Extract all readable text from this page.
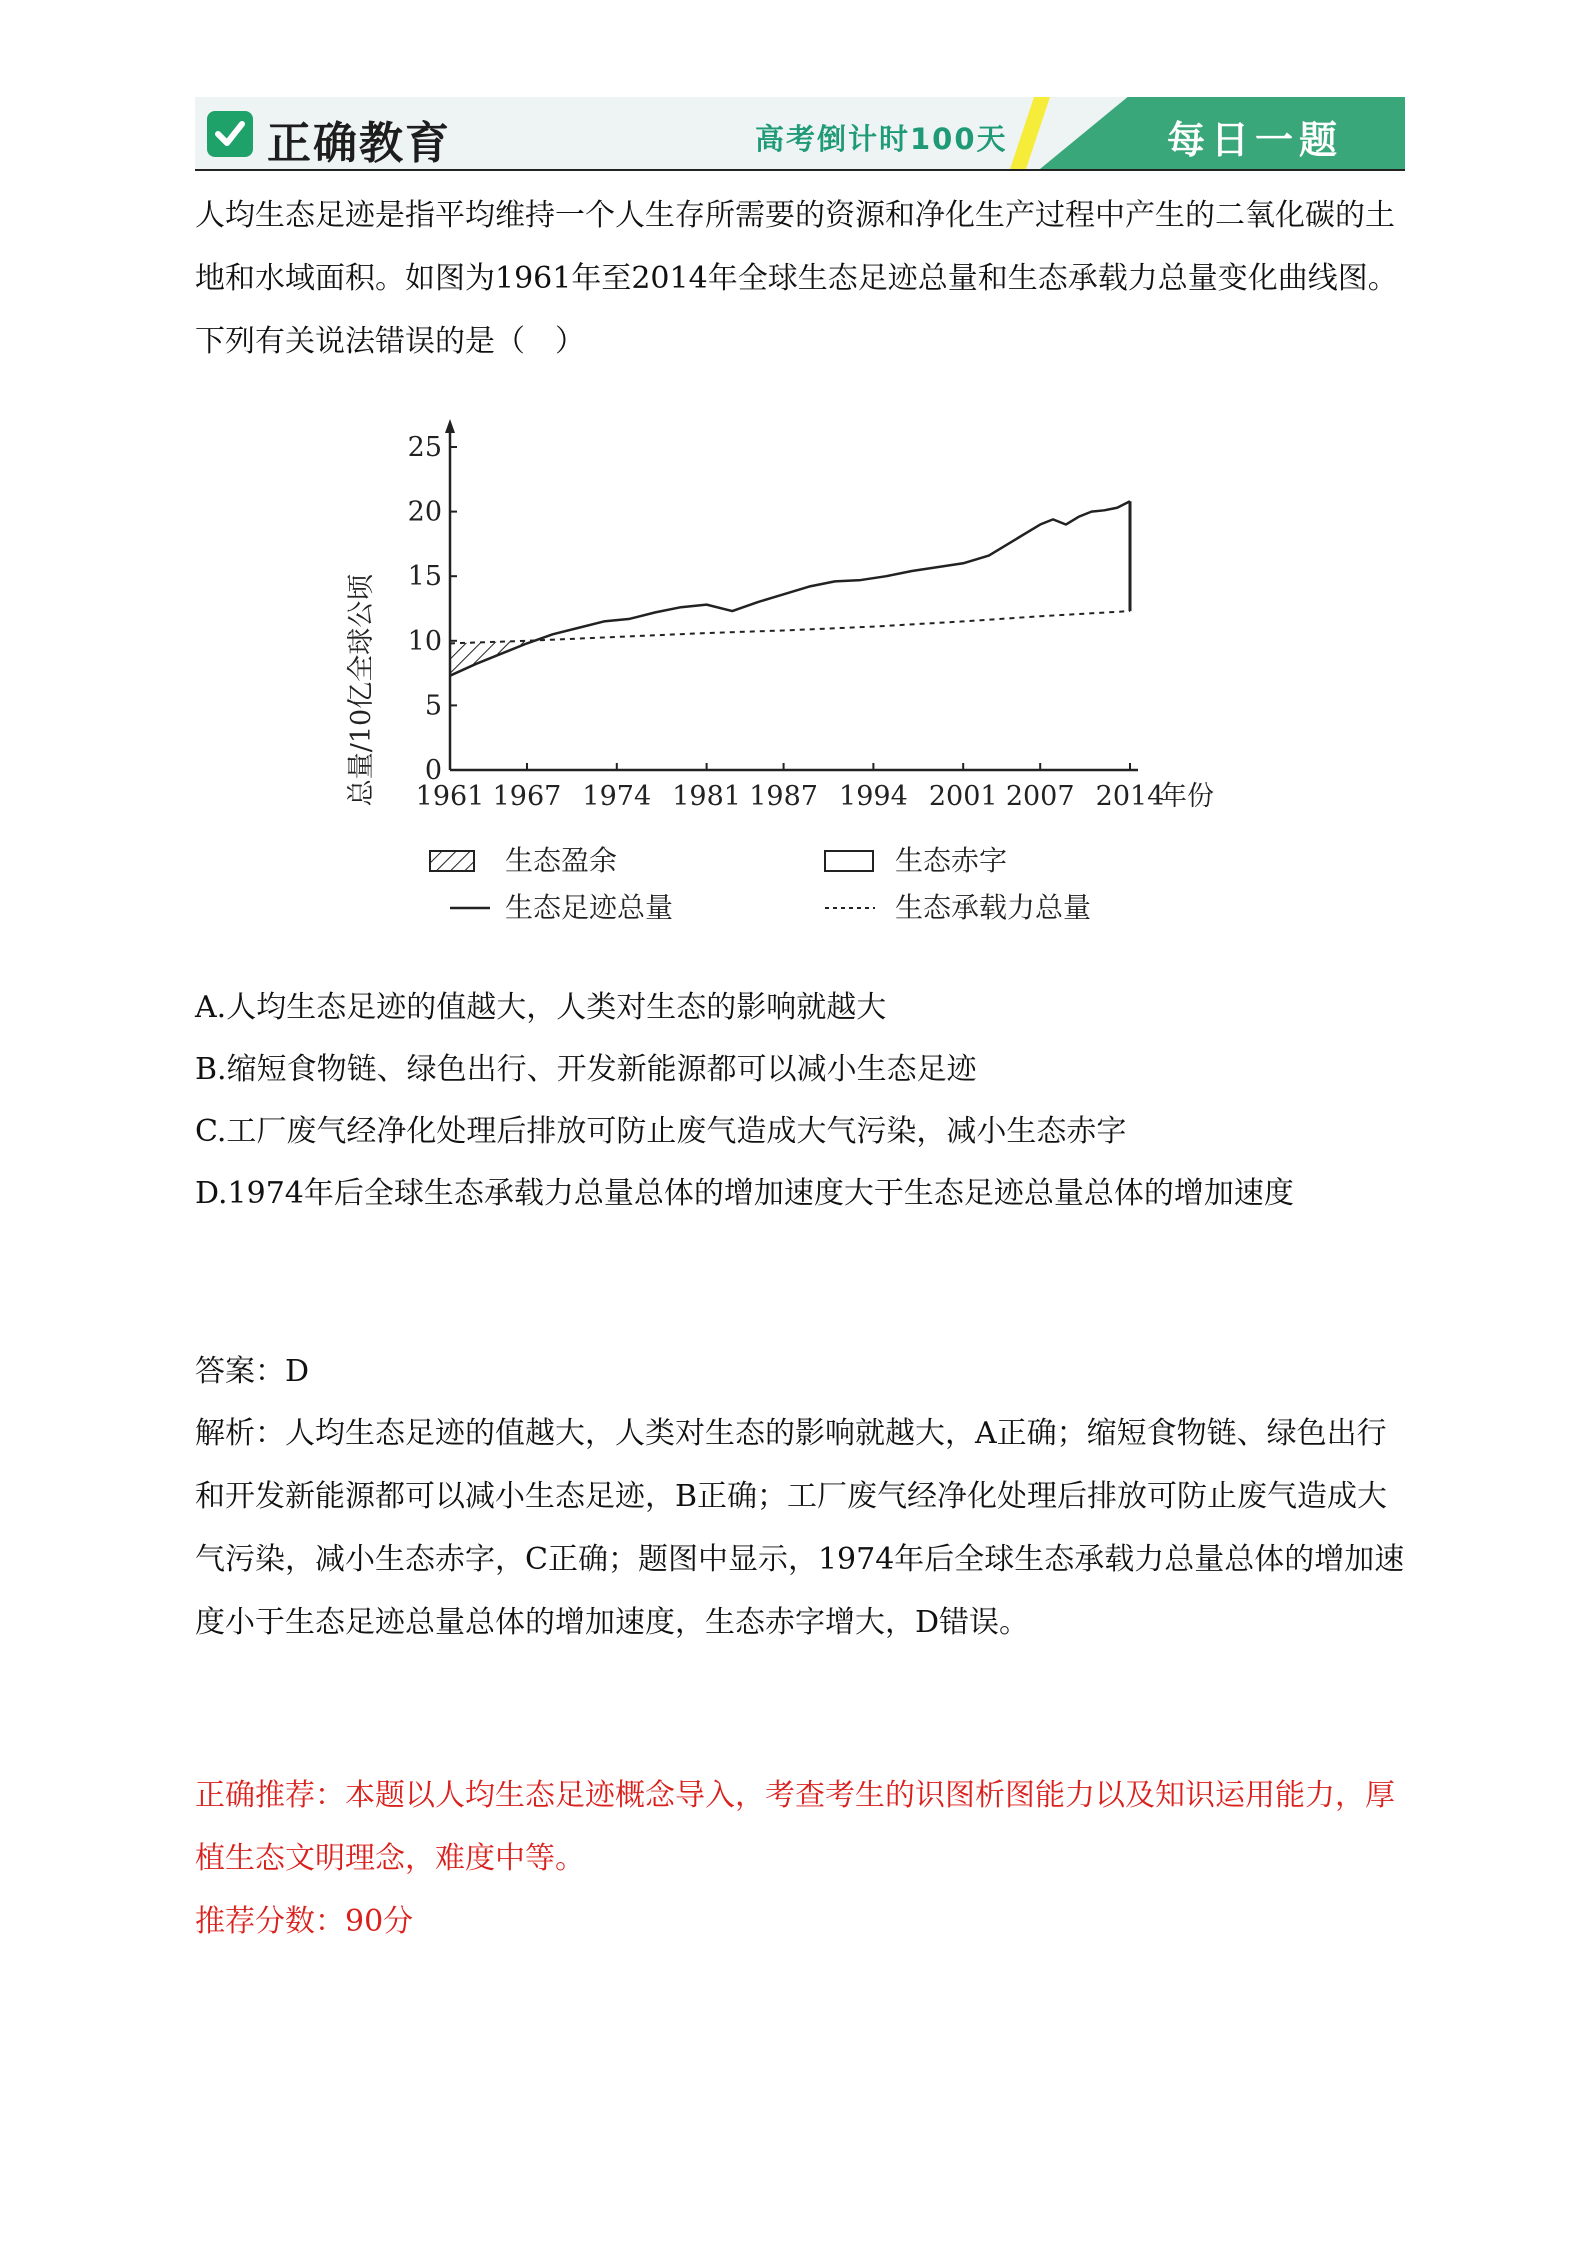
正确教育	高考倒计时100天	每日一题

人均生态足迹是指平均维持一个人生存所需要的资源和净化生产过程中产生的二氧化碳的土地和水域面积。如图为1961年至2014年全球生态足迹总量和生态承载力总量变化曲线图。下列有关说法错误的是（　）

0
5
10
15
20
25
1961 1967 1974 1981 1987 1994 2001 2007 2014
年份
总量/10亿全球公顷
生态盈余	生态赤字
生态足迹总量	生态承载力总量
A.人均生态足迹的值越大，人类对生态的影响就越大
B.缩短食物链、绿色出行、开发新能源都可以减小生态足迹
C.工厂废气经净化处理后排放可防止废气造成大气污染，减小生态赤字
D.1974年后全球生态承载力总量总体的增加速度大于生态足迹总量总体的增加速度
答案：D

解析：人均生态足迹的值越大，人类对生态的影响就越大，A正确；缩短食物链、绿色出行和开发新能源都可以减小生态足迹，B正确；工厂废气经净化处理后排放可防止废气造成大气污染，减小生态赤字，C正确；题图中显示，1974年后全球生态承载力总量总体的增加速度小于生态足迹总量总体的增加速度，生态赤字增大，D错误。

正确推荐：本题以人均生态足迹概念导入，考查考生的识图析图能力以及知识运用能力，厚植生态文明理念，难度中等。

推荐分数：90分
